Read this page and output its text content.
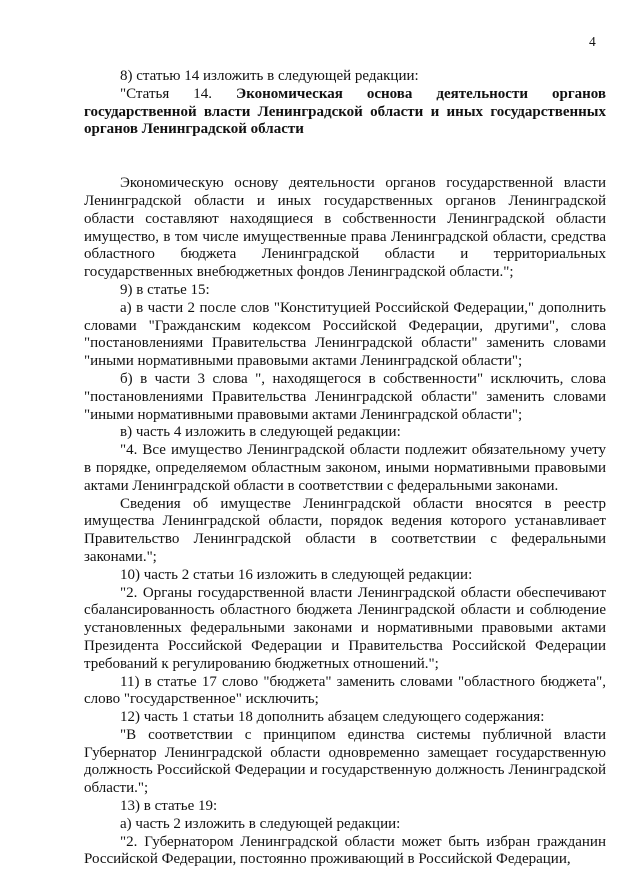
4

8) статью 14 изложить в следующей редакции:

"Статья 14. Экономическая основа деятельности органов государственной власти Ленинградской области и иных государственных органов Ленинградской области

Экономическую основу деятельности органов государственной власти Ленинградской области и иных государственных органов Ленинградской области составляют находящиеся в собственности Ленинградской области имущество, в том числе имущественные права Ленинградской области, средства областного бюджета Ленинградской области и территориальных государственных внебюджетных фондов Ленинградской области.";

9) в статье 15:

а) в части 2 после слов "Конституцией Российской Федерации," дополнить словами "Гражданским кодексом Российской Федерации, другими", слова "постановлениями Правительства Ленинградской области" заменить словами "иными нормативными правовыми актами Ленинградской области";

б) в части 3 слова ", находящегося в собственности" исключить, слова "постановлениями Правительства Ленинградской области" заменить словами "иными нормативными правовыми актами Ленинградской области";

в) часть 4 изложить в следующей редакции:

"4. Все имущество Ленинградской области подлежит обязательному учету в порядке, определяемом областным законом, иными нормативными правовыми актами Ленинградской области в соответствии с федеральными законами.

Сведения об имуществе Ленинградской области вносятся в реестр имущества Ленинградской области, порядок ведения которого устанавливает Правительство Ленинградской области в соответствии с федеральными законами.";

10) часть 2 статьи 16 изложить в следующей редакции:

"2. Органы государственной власти Ленинградской области обеспечивают сбалансированность областного бюджета Ленинградской области и соблюдение установленных федеральными законами и нормативными правовыми актами Президента Российской Федерации и Правительства Российской Федерации требований к регулированию бюджетных отношений.";

11) в статье 17 слово "бюджета" заменить словами "областного бюджета", слово "государственное" исключить;

12) часть 1 статьи 18 дополнить абзацем следующего содержания:

"В соответствии с принципом единства системы публичной власти Губернатор Ленинградской области одновременно замещает государственную должность Российской Федерации и государственную должность Ленинградской области.";

13) в статье 19:

а) часть 2 изложить в следующей редакции:

"2. Губернатором Ленинградской области может быть избран гражданин Российской Федерации, постоянно проживающий в Российской Федерации,
